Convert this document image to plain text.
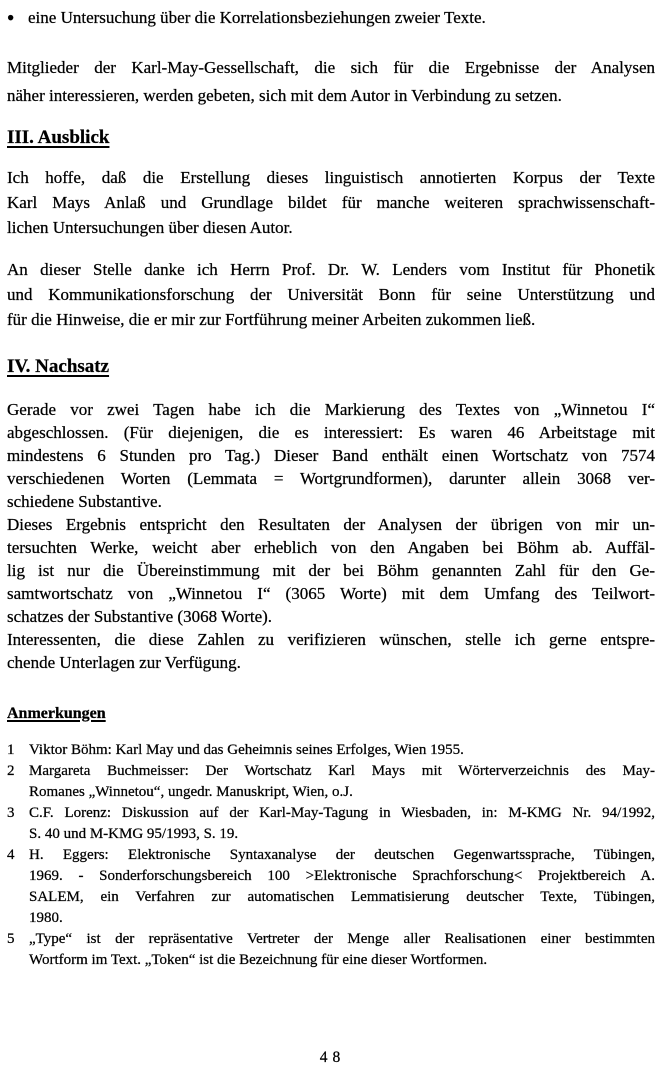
● eine Untersuchung über die Korrelationsbeziehungen zweier Texte.
Mitglieder der Karl-May-Gessellschaft, die sich für die Ergebnisse der Analysen
näher interessieren, werden gebeten, sich mit dem Autor in Verbindung zu setzen.
III. Ausblick
Ich hoffe, daß die Erstellung dieses linguistisch annotierten Korpus der Texte
Karl Mays Anlaß und Grundlage bildet für manche weiteren sprachwissenschaft-
lichen Untersuchungen über diesen Autor.
An dieser Stelle danke ich Herrn Prof. Dr. W. Lenders vom Institut für Phonetik
und Kommunikationsforschung der Universität Bonn für seine Unterstützung und
für die Hinweise, die er mir zur Fortführung meiner Arbeiten zukommen ließ.
IV. Nachsatz
Gerade vor zwei Tagen habe ich die Markierung des Textes von „Winnetou I“
abgeschlossen. (Für diejenigen, die es interessiert: Es waren 46 Arbeitstage mit
mindestens 6 Stunden pro Tag.) Dieser Band enthält einen Wortschatz von 7574
verschiedenen Worten (Lemmata = Wortgrundformen), darunter allein 3068 ver-
schiedene Substantive.
Dieses Ergebnis entspricht den Resultaten der Analysen der übrigen von mir un-
tersuchten Werke, weicht aber erheblich von den Angaben bei Böhm ab. Auffäl-
lig ist nur die Übereinstimmung mit der bei Böhm genannten Zahl für den Ge-
samtwortschatz von „Winnetou I“ (3065 Worte) mit dem Umfang des Teilwort-
schatzes der Substantive (3068 Worte).
Interessenten, die diese Zahlen zu verifizieren wünschen, stelle ich gerne entspre-
chende Unterlagen zur Verfügung.
Anmerkungen
1 Viktor Böhm: Karl May und das Geheimnis seines Erfolges, Wien 1955.
2 Margareta Buchmeisser: Der Wortschatz Karl Mays mit Wörterverzeichnis des May-
Romanes „Winnetou“, ungedr. Manuskript, Wien, o.J.
3 C.F. Lorenz: Diskussion auf der Karl-May-Tagung in Wiesbaden, in: M-KMG Nr. 94/1992,
S. 40 und M-KMG 95/1993, S. 19.
4 H. Eggers: Elektronische Syntaxanalyse der deutschen Gegenwartssprache, Tübingen,
1969. - Sonderforschungsbereich 100 >Elektronische Sprachforschung< Projektbereich A.
SALEM, ein Verfahren zur automatischen Lemmatisierung deutscher Texte, Tübingen,
1980.
5 „Type“ ist der repräsentative Vertreter der Menge aller Realisationen einer bestimmten
Wortform im Text. „Token“ ist die Bezeichnung für eine dieser Wortformen.
48
